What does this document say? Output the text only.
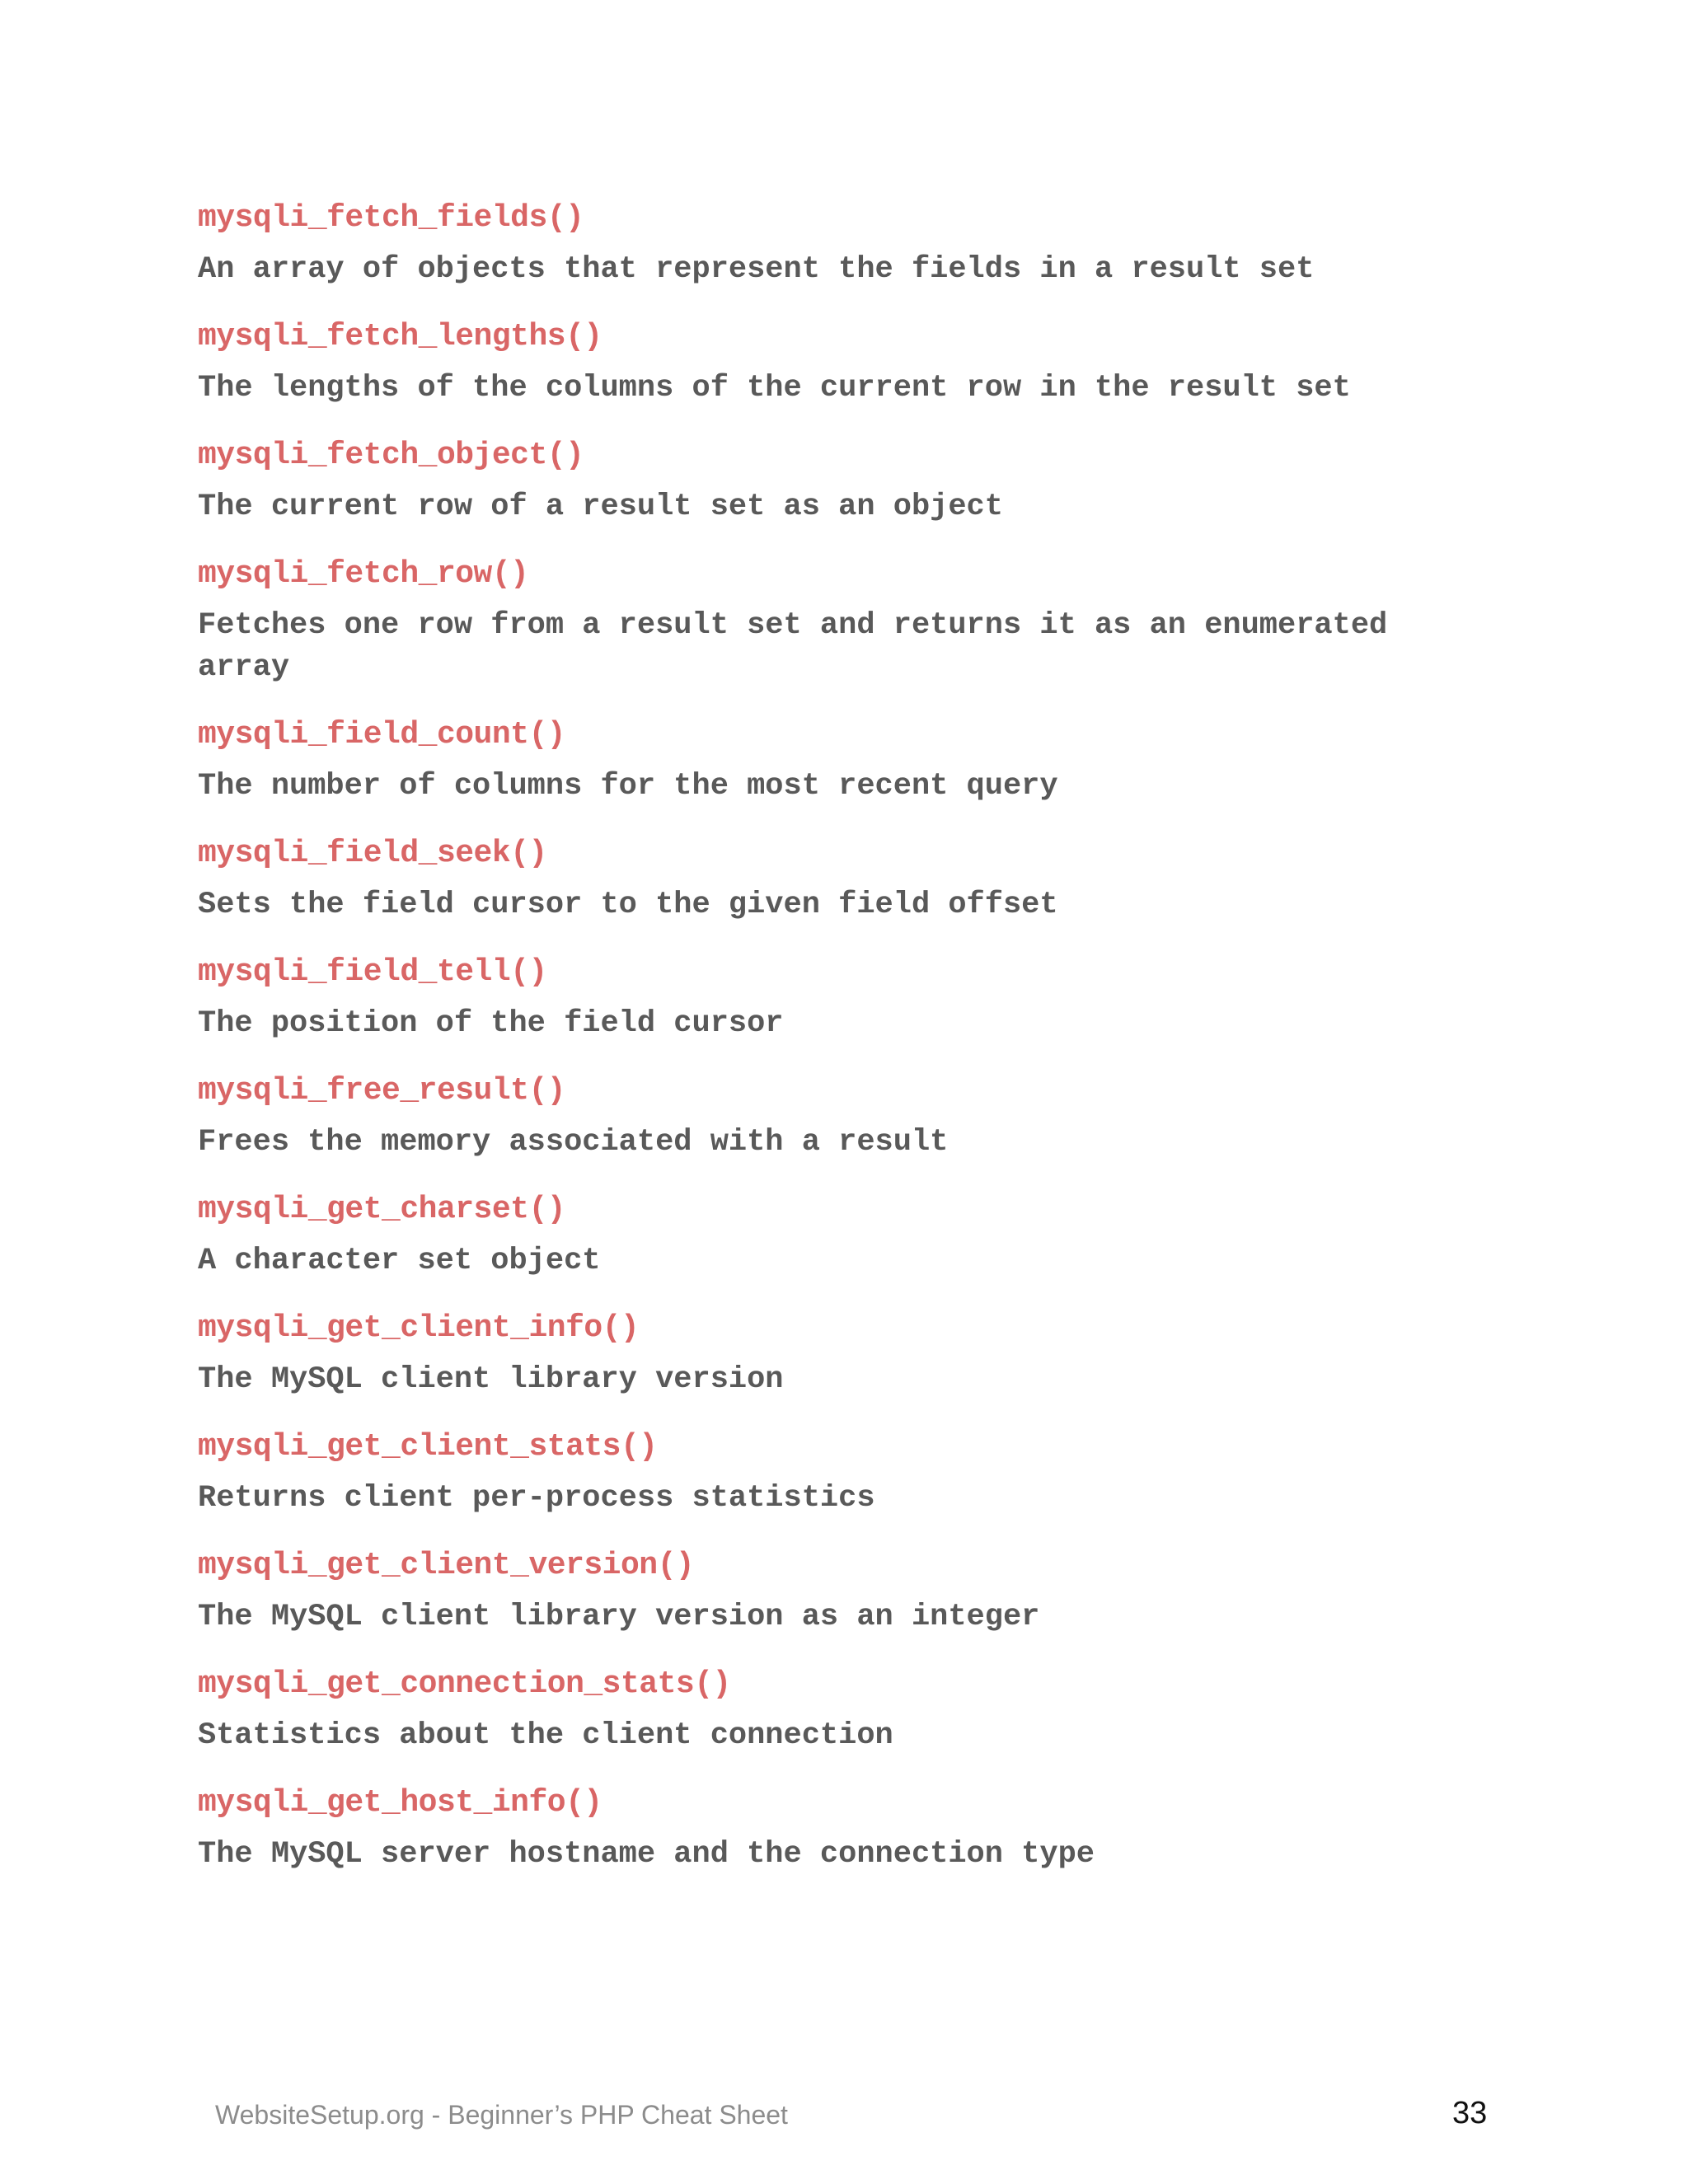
mysqli_fetch_fields()
An array of objects that represent the fields in a result set
mysqli_fetch_lengths()
The lengths of the columns of the current row in the result set
mysqli_fetch_object()
The current row of a result set as an object
mysqli_fetch_row()
Fetches one row from a result set and returns it as an enumerated array
mysqli_field_count()
The number of columns for the most recent query
mysqli_field_seek()
Sets the field cursor to the given field offset
mysqli_field_tell()
The position of the field cursor
mysqli_free_result()
Frees the memory associated with a result
mysqli_get_charset()
A character set object
mysqli_get_client_info()
The MySQL client library version
mysqli_get_client_stats()
Returns client per-process statistics
mysqli_get_client_version()
The MySQL client library version as an integer
mysqli_get_connection_stats()
Statistics about the client connection
mysqli_get_host_info()
The MySQL server hostname and the connection type
WebsiteSetup.org - Beginner’s PHP Cheat Sheet	33
